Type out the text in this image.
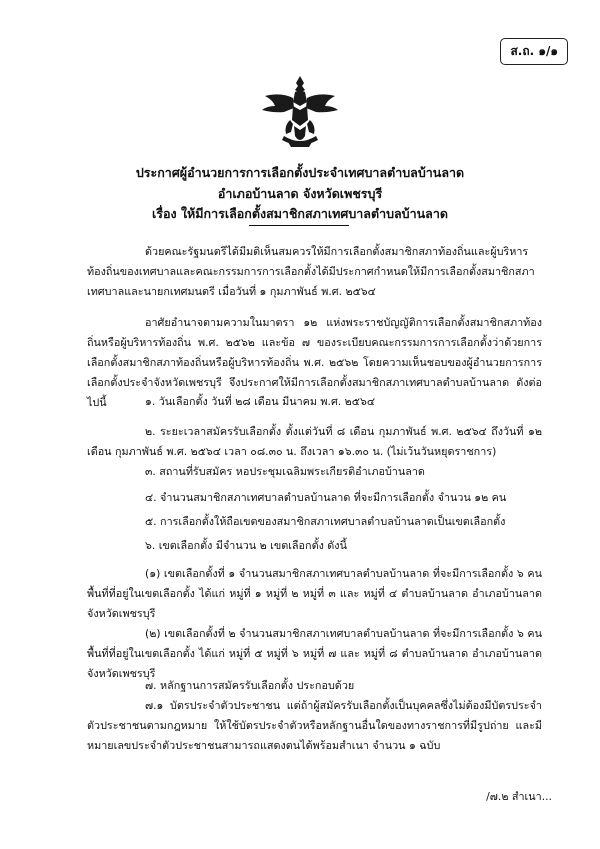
ส.ถ. ๑/๑
ประกาศผู้อำนวยการการเลือกตั้งประจำเทศบาลตำบลบ้านลาด
อำเภอบ้านลาด จังหวัดเพชรบุรี
เรื่อง ให้มีการเลือกตั้งสมาชิกสภาเทศบาลตำบลบ้านลาด
ด้วยคณะรัฐมนตรีได้มีมติเห็นสมควรให้มีการเลือกตั้งสมาชิกสภาท้องถิ่นและผู้บริหารท้องถิ่นของเทศบาลและคณะกรรมการการเลือกตั้งได้มีประกาศกำหนดให้มีการเลือกตั้งสมาชิกสภาเทศบาลและนายกเทศมนตรี เมื่อวันที่ ๑ กุมภาพันธ์ พ.ศ. ๒๕๖๔
อาศัยอำนาจตามความในมาตรา ๑๒ แห่งพระราชบัญญัติการเลือกตั้งสมาชิกสภาท้องถิ่นหรือผู้บริหารท้องถิ่น พ.ศ. ๒๕๖๒ และข้อ ๗ ของระเบียบคณะกรรมการการเลือกตั้งว่าด้วยการเลือกตั้งสมาชิกสภาท้องถิ่นหรือผู้บริหารท้องถิ่น พ.ศ. ๒๕๖๒ โดยความเห็นชอบของผู้อำนวยการการเลือกตั้งประจำจังหวัดเพชรบุรี จึงประกาศให้มีการเลือกตั้งสมาชิกสภาเทศบาลตำบลบ้านลาด ดังต่อไปนี้	๑. วันเลือกตั้ง วันที่ ๒๘ เดือน มีนาคม พ.ศ. ๒๕๖๔
๒. ระยะเวลาสมัครรับเลือกตั้ง ตั้งแต่วันที่ ๘ เดือน กุมภาพันธ์ พ.ศ. ๒๕๖๔ ถึงวันที่ ๑๒ เดือน กุมภาพันธ์ พ.ศ. ๒๕๖๔ เวลา ๐๘.๓๐ น. ถึงเวลา ๑๖.๓๐ น. (ไม่เว้นวันหยุดราชการ)
๓. สถานที่รับสมัคร หอประชุมเฉลิมพระเกียรติอำเภอบ้านลาด
๔. จำนวนสมาชิกสภาเทศบาลตำบลบ้านลาด ที่จะมีการเลือกตั้ง จำนวน ๑๒ คน
๕. การเลือกตั้งให้ถือเขตของสมาชิกสภาเทศบาลตำบลบ้านลาดเป็นเขตเลือกตั้ง
๖. เขตเลือกตั้ง มีจำนวน ๒ เขตเลือกตั้ง ดังนี้
(๑) เขตเลือกตั้งที่ ๑ จำนวนสมาชิกสภาเทศบาลตำบลบ้านลาด ที่จะมีการเลือกตั้ง ๖ คน พื้นที่ที่อยู่ในเขตเลือกตั้ง ได้แก่ หมู่ที่ ๑ หมู่ที่ ๒ หมู่ที่ ๓ และ หมู่ที่ ๔ ตำบลบ้านลาด อำเภอบ้านลาด จังหวัดเพชรบุรี
(๒) เขตเลือกตั้งที่ ๒ จำนวนสมาชิกสภาเทศบาลตำบลบ้านลาด ที่จะมีการเลือกตั้ง ๖ คน พื้นที่ที่อยู่ในเขตเลือกตั้ง ได้แก่ หมู่ที่ ๕ หมู่ที่ ๖ หมู่ที่ ๗ และ หมู่ที่ ๘ ตำบลบ้านลาด อำเภอบ้านลาด จังหวัดเพชรบุรี
๗. หลักฐานการสมัครรับเลือกตั้ง ประกอบด้วย
๗.๑ บัตรประจำตัวประชาชน แต่ถ้าผู้สมัครรับเลือกตั้งเป็นบุคคลซึ่งไม่ต้องมีบัตรประจำตัวประชาชนตามกฎหมาย ให้ใช้บัตรประจำตัวหรือหลักฐานอื่นใดของทางราชการที่มีรูปถ่าย และมีหมายเลขประจำตัวประชาชนสามารถแสดงตนได้พร้อมสำเนา จำนวน ๑ ฉบับ
/๗.๒ สำเนา...
